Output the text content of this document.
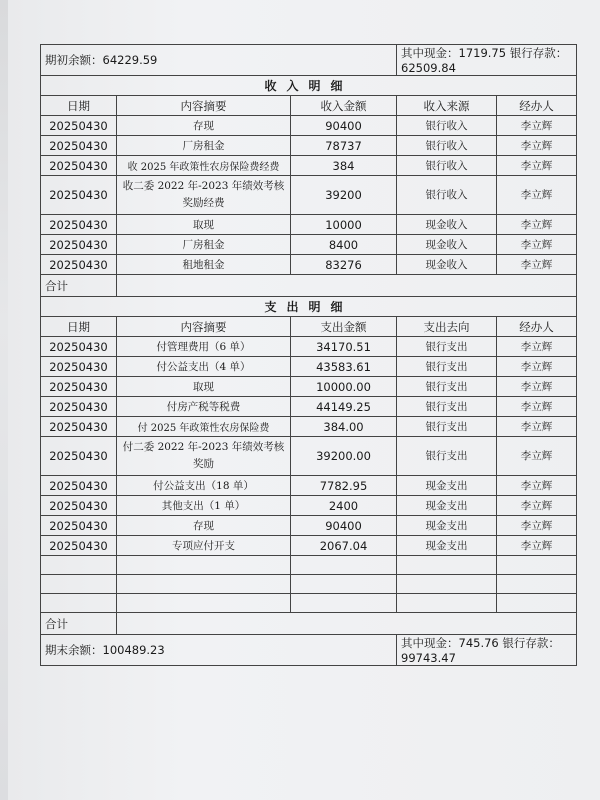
期初余额：64229.59			其中现金：1719.75 银行存款：62509.84	
收入明细				
日期	内容摘要	收入金额	收入来源	经办人
20250430	存现	90400	银行收入	李立辉
20250430	厂房租金	78737	银行收入	李立辉
20250430	收 2025 年政策性农房保险费经费	384	银行收入	李立辉
20250430	收二委 2022 年-2023 年绩效考核奖励经费	39200	银行收入	李立辉
20250430	取现	10000	现金收入	李立辉
20250430	厂房租金	8400	现金收入	李立辉
20250430	租地租金	83276	现金收入	李立辉
合计				
支出明细				
日期	内容摘要	支出金额	支出去向	经办人
20250430	付管理费用（6 单）	34170.51	银行支出	李立辉
20250430	付公益支出（4 单）	43583.61	银行支出	李立辉
20250430	取现	10000.00	银行支出	李立辉
20250430	付房产税等税费	44149.25	银行支出	李立辉
20250430	付 2025 年政策性农房保险费	384.00	银行支出	李立辉
20250430	付二委 2022 年-2023 年绩效考核奖励	39200.00	银行支出	李立辉
20250430	付公益支出（18 单）	7782.95	现金支出	李立辉
20250430	其他支出（1 单）	2400	现金支出	李立辉
20250430	存现	90400	现金支出	李立辉
20250430	专项应付开支	2067.04	现金支出	李立辉

合计				
期末余额：100489.23			其中现金：745.76 银行存款：99743.47	
